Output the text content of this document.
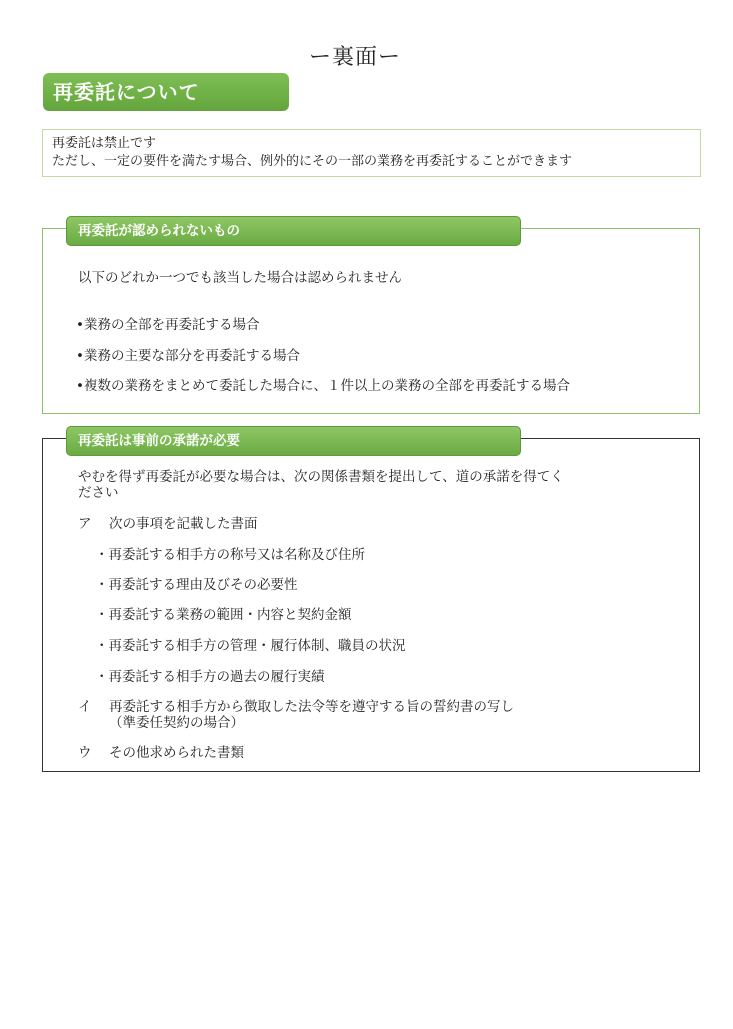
ー裏面ー
再委託について
再委託は禁止です
ただし、一定の要件を満たす場合、例外的にその一部の業務を再委託することができます
再委託が認められないもの
以下のどれか一つでも該当した場合は認められません
•業務の全部を再委託する場合
•業務の主要な部分を再委託する場合
•複数の業務をまとめて委託した場合に、１件以上の業務の全部を再委託する場合
再委託は事前の承諾が必要
やむを得ず再委託が必要な場合は、次の関係書類を提出して、道の承諾を得てく
ださい
ア 次の事項を記載した書面
・再委託する相手方の称号又は名称及び住所
・再委託する理由及びその必要性
・再委託する業務の範囲・内容と契約金額
・再委託する相手方の管理・履行体制、職員の状況
・再委託する相手方の過去の履行実績
イ 再委託する相手方から徴取した法令等を遵守する旨の誓約書の写し
（準委任契約の場合）
ウ その他求められた書類
